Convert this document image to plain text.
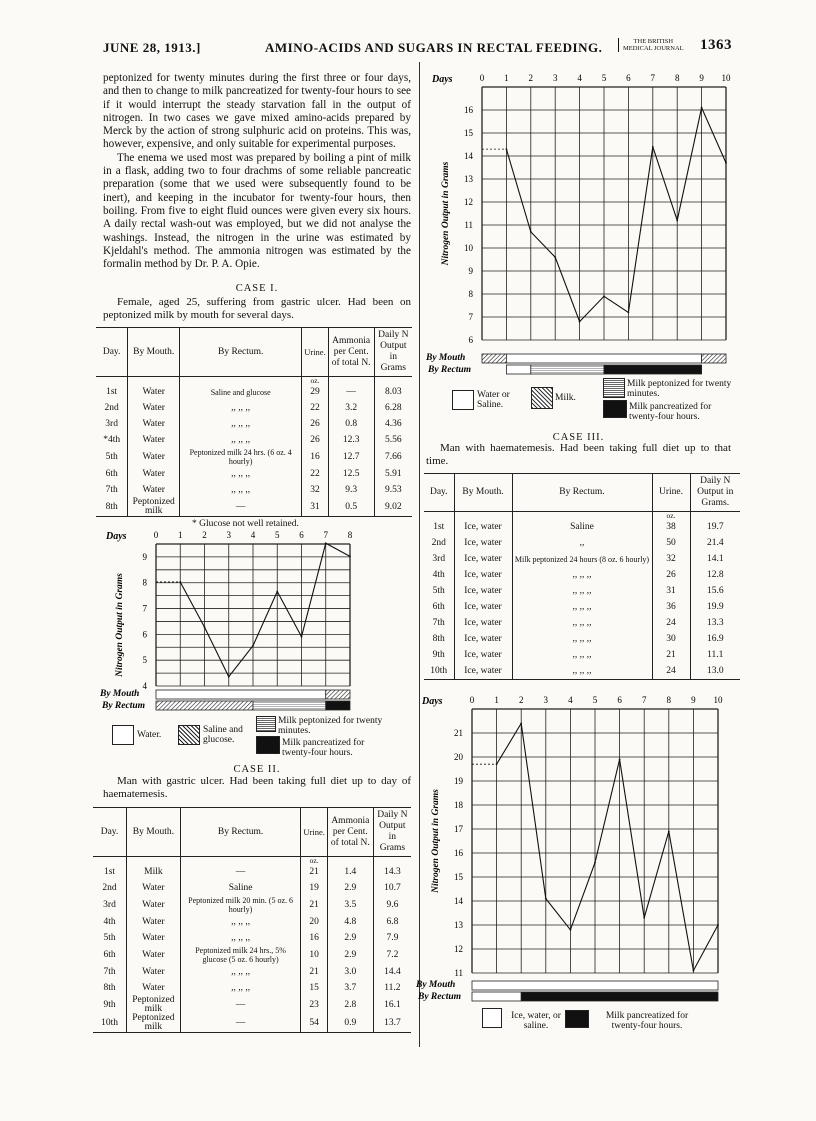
JUNE 28, 1913.]	AMINO-ACIDS AND SUGARS IN RECTAL FEEDING.	THE BRITISH
MEDICAL JOURNAL 1363

peptonized for twenty minutes during the first three or four days, and then to change to milk pancreatized for twenty-four hours to see if it would interrupt the steady starvation fall in the output of nitrogen. In two cases we gave mixed amino-acids prepared by Merck by the action of strong sulphuric acid on proteins. This was, however, expensive, and only suitable for experimental purposes.

The enema we used most was prepared by boiling a pint of milk in a flask, adding two to four drachms of some reliable pancreatic preparation (some that we used were subsequently found to be inert), and keeping in the incubator for twenty-four hours, then boiling. From five to eight fluid ounces were given every six hours. A daily rectal wash-out was employed, but we did not analyse the washings. Instead, the nitrogen in the urine was estimated by Kjeldahl's method. The ammonia nitrogen was estimated by the formalin method by Dr. P. A. Opie.

CASE I.
Female, aged 25, suffering from gastric ulcer. Had been on peptonized milk by mouth for several days.
Day.	By Mouth.	By Rectum.	Urine.	Ammonia per Cent. of total N.	Daily N Output in Grams
			oz.		
1st	Water	Saline and glucose	29	—	8.03
2nd	Water	,, ,, ,,	22	3.2	6.28
3rd	Water	,, ,, ,,	26	0.8	4.36
*4th	Water	,, ,, ,,	26	12.3	5.56
5th	Water	Peptonized milk 24 hrs. (6 oz. 4 hourly)	16	12.7	7.66
6th	Water	,, ,, ,,	22	12.5	5.91
7th	Water	,, ,, ,,	32	9.3	9.53
8th	Peptonized milk	—	31	0.5	9.02
* Glucose not well retained.
0 1 2 3 4 5 6 7 8
4
5
6
7
8
9
Days
Nitrogen Output in Grams
By Mouth
By Rectum
Water.	Saline and glucose.
Milk peptonized for twenty minutes.
Milk pancreatized for twenty-four hours.
CASE II.
Man with gastric ulcer. Had been taking full diet up to day of haematemesis.
Day.	By Mouth.	By Rectum.	Urine.	Ammonia per Cent. of total N.	Daily N Output in Grams
			oz.		
1st	Milk	—	21	1.4	14.3
2nd	Water	Saline	19	2.9	10.7
3rd	Water	Peptonized milk 20 min. (5 oz. 6 hourly)	21	3.5	9.6
4th	Water	,, ,, ,,	20	4.8	6.8
5th	Water	,, ,, ,,	16	2.9	7.9
6th	Water	Peptonized milk 24 hrs., 5% glucose (5 oz. 6 hourly)	10	2.9	7.2
7th	Water	,, ,, ,,	21	3.0	14.4
8th	Water	,, ,, ,,	15	3.7	11.2
9th	Peptonized milk	—	23	2.8	16.1
10th	Peptonized milk	—	54	0.9	13.7
0 1 2 3 4 5 6 7 8 9 10
6
7
8
9
10
11
12
13
14
15
16
Days
Nitrogen Output in Grams
By Mouth
By Rectum
Water or Saline.
Milk.
Milk peptonized for twenty minutes.
Milk pancreatized for twenty-four hours.
CASE III.
Man with haematemesis. Had been taking full diet up to that time.
Day.	By Mouth.	By Rectum.	Urine.	Daily N Output in Grams.
			oz.	
1st	Ice, water	Saline	38	19.7
2nd	Ice, water	,,	50	21.4
3rd	Ice, water	Milk peptonized 24 hours (8 oz. 6 hourly)	32	14.1
4th	Ice, water	,, ,, ,,	26	12.8
5th	Ice, water	,, ,, ,,	31	15.6
6th	Ice, water	,, ,, ,,	36	19.9
7th	Ice, water	,, ,, ,,	24	13.3
8th	Ice, water	,, ,, ,,	30	16.9
9th	Ice, water	,, ,, ,,	21	11.1
10th	Ice, water	,, ,, ,,	24	13.0
0 1 2 3 4 5 6 7 8 9 10
11
12
13
14
15
16
17
18
19
20
21
Days
Nitrogen Output in Grams
By Mouth
By Rectum
Ice, water, or saline.
Milk pancreatized for twenty-four hours.
